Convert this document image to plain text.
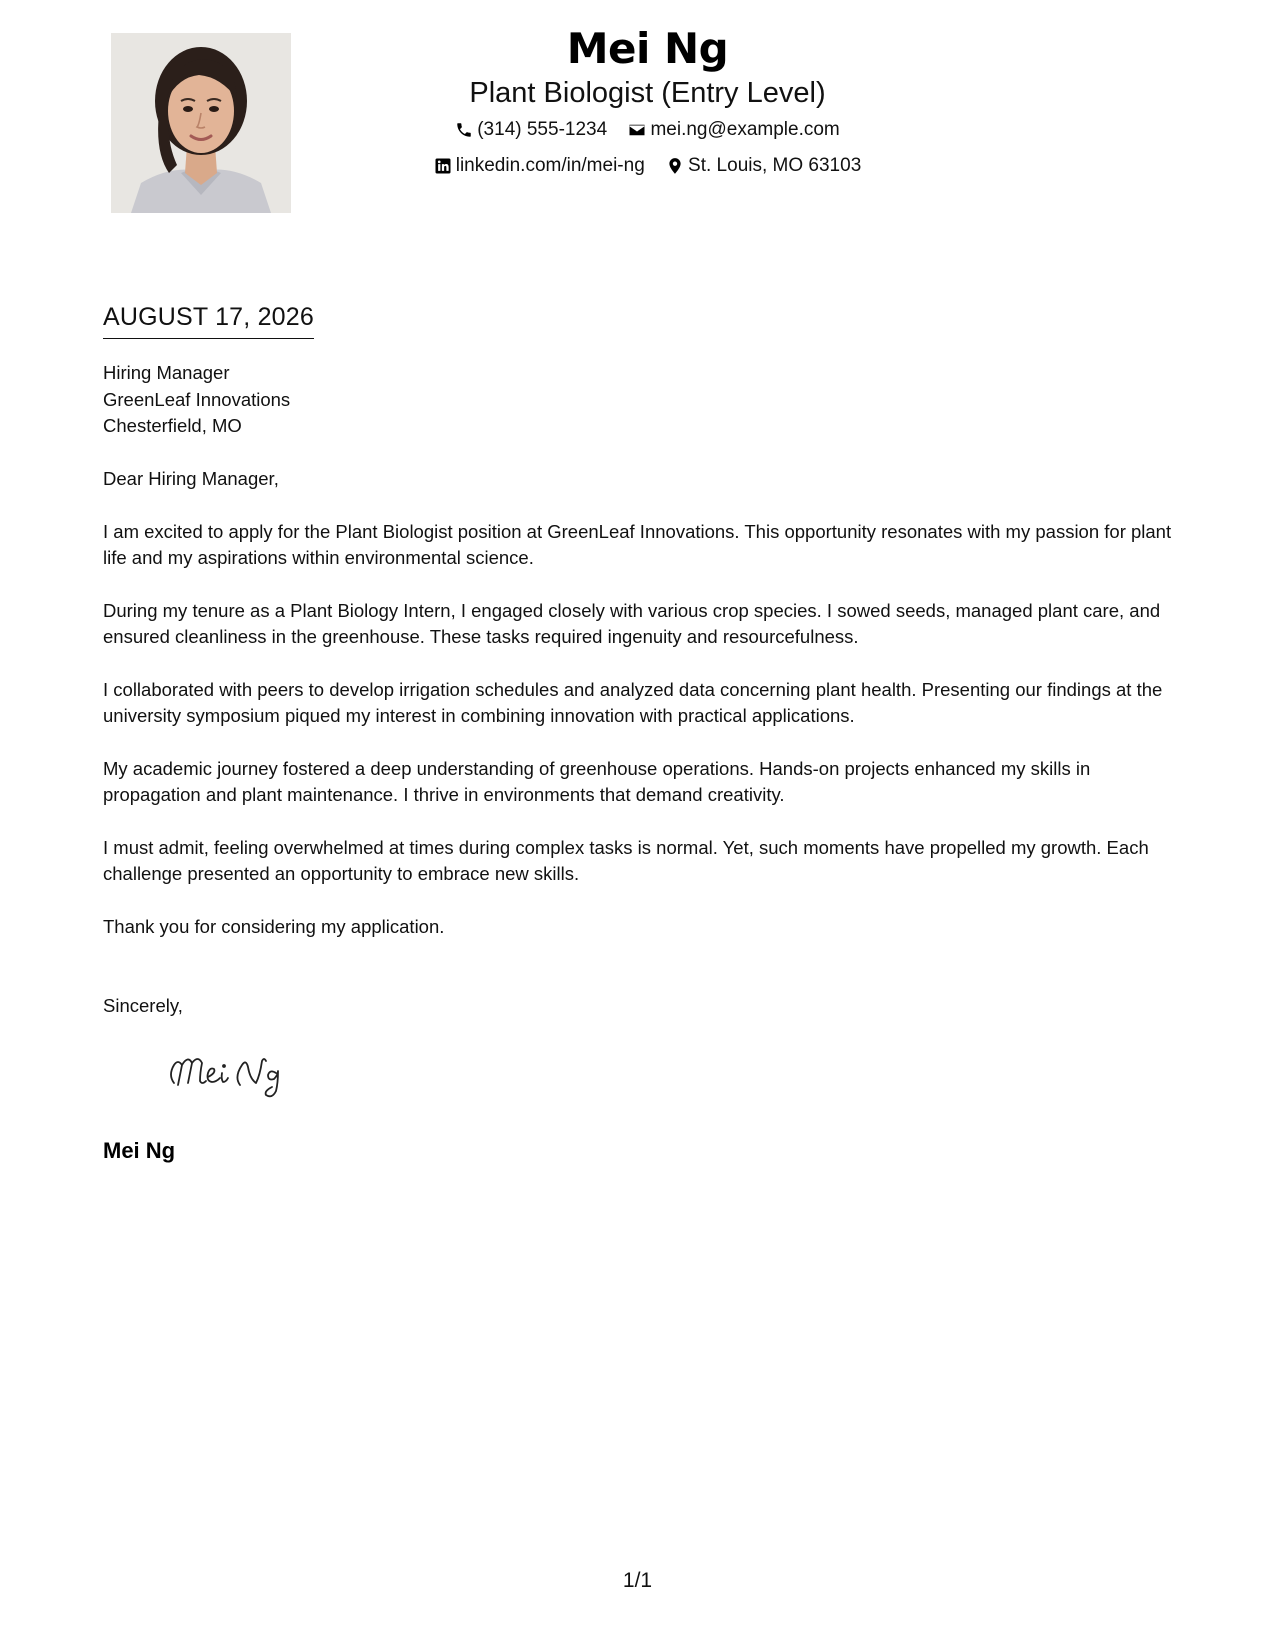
Mei Ng
Plant Biologist (Entry Level)
(314) 555-1234
mei.ng@example.com
linkedin.com/in/mei-ng
St. Louis, MO 63103
AUGUST 17, 2026
Hiring Manager
GreenLeaf Innovations
Chesterfield, MO

Dear Hiring Manager,

I am excited to apply for the Plant Biologist position at GreenLeaf Innovations. This opportunity resonates with my passion for plant life and my aspirations within environmental science.

During my tenure as a Plant Biology Intern, I engaged closely with various crop species. I sowed seeds, managed plant care, and ensured cleanliness in the greenhouse. These tasks required ingenuity and resourcefulness.

I collaborated with peers to develop irrigation schedules and analyzed data concerning plant health. Presenting our findings at the university symposium piqued my interest in combining innovation with practical applications.

My academic journey fostered a deep understanding of greenhouse operations. Hands-on projects enhanced my skills in propagation and plant maintenance. I thrive in environments that demand creativity.

I must admit, feeling overwhelmed at times during complex tasks is normal. Yet, such moments have propelled my growth. Each challenge presented an opportunity to embrace new skills.

Thank you for considering my application.

Sincerely,
Mei Ng
1/1
